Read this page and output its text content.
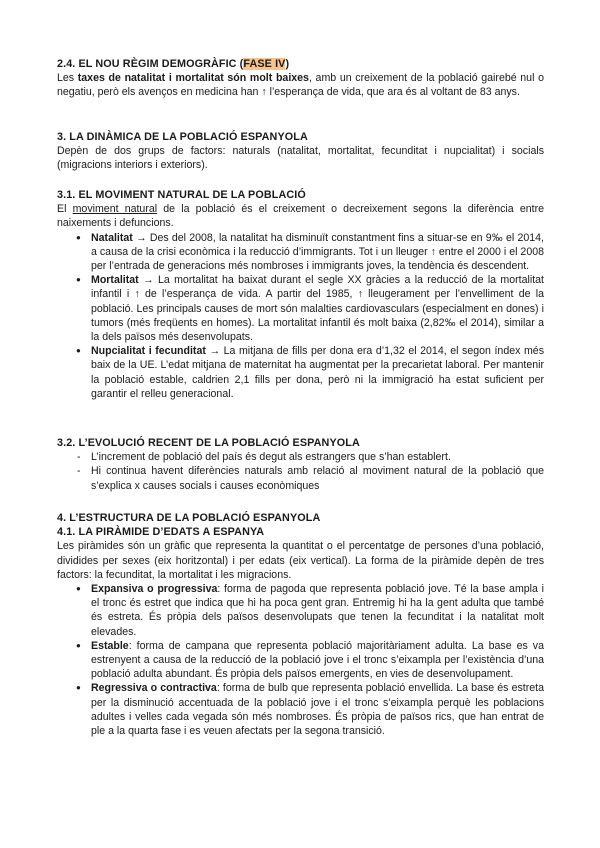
2.4. EL NOU RÈGIM DEMOGRÀFIC (FASE IV)

Les taxes de natalitat i mortalitat són molt baixes, amb un creixement de la població gairebé nul o negatiu, però els avenços en medicina han ↑ l’esperança de vida, que ara és al voltant de 83 anys.

3. LA DINÀMICA DE LA POBLACIÓ ESPANYOLA

Depèn de dos grups de factors: naturals (natalitat, mortalitat, fecunditat i nupcialitat) i socials (migracions interiors i exteriors).

3.1. EL MOVIMENT NATURAL DE LA POBLACIÓ

El moviment natural de la població és el creixement o decreixement segons la diferència entre naixements i defuncions.

● Natalitat → Des del 2008, la natalitat ha disminuït constantment fins a situar-se en 9‰ el 2014, a causa de la crisi econòmica i la reducció d’immigrants. Tot i un lleuger ↑ entre el 2000 i el 2008 per l’entrada de generacions més nombroses i immigrants joves, la tendència és descendent.
● Mortalitat → La mortalitat ha baixat durant el segle XX gràcies a la reducció de la mortalitat infantil i ↑ de l’esperança de vida. A partir del 1985, ↑ lleugerament per l’envelliment de la població. Les principals causes de mort són malalties cardiovasculars (especialment en dones) i tumors (més freqüents en homes). La mortalitat infantil és molt baixa (2,82‰ el 2014), similar a la dels països més desenvolupats.
● Nupcialitat i fecunditat → La mitjana de fills per dona era d’1,32 el 2014, el segon índex més baix de la UE. L’edat mitjana de maternitat ha augmentat per la precarietat laboral. Per mantenir la població estable, caldrien 2,1 fills per dona, però ni la immigració ha estat suficient per garantir el relleu generacional.
3.2. L’EVOLUCIÓ RECENT DE LA POBLACIÓ ESPANYOLA
- L’increment de població del país és degut als estrangers que s’han establert.
- Hi continua havent diferències naturals amb relació al moviment natural de la població que s’explica x causes socials i causes econòmiques
4. L’ESTRUCTURA DE LA POBLACIÓ ESPANYOLA
4.1. LA PIRÀMIDE D’EDATS A ESPANYA

Les piràmides són un gràfic que representa la quantitat o el percentatge de persones d’una població, dividides per sexes (eix horitzontal) i per edats (eix vertical). La forma de la piràmide depèn de tres factors: la fecunditat, la mortalitat i les migracions.

● Expansiva o progressiva: forma de pagoda que representa població jove. Té la base ampla i el tronc és estret que indica que hi ha poca gent gran. Entremig hi ha la gent adulta que també és estreta. És pròpia dels països desenvolupats que tenen la fecunditat i la natalitat molt elevades.
● Estable: forma de campana que representa població majoritàriament adulta. La base es va estrenyent a causa de la reducció de la població jove i el tronc s’eixampla per l’existència d’una població adulta abundant. És pròpia dels països emergents, en vies de desenvolupament.
● Regressiva o contractiva: forma de bulb que representa població envellida. La base és estreta per la disminució accentuada de la població jove i el tronc s’eixampla perquè les poblacions adultes i velles cada vegada són més nombroses. És pròpia de països rics, que han entrat de ple a la quarta fase i es veuen afectats per la segona transició.
